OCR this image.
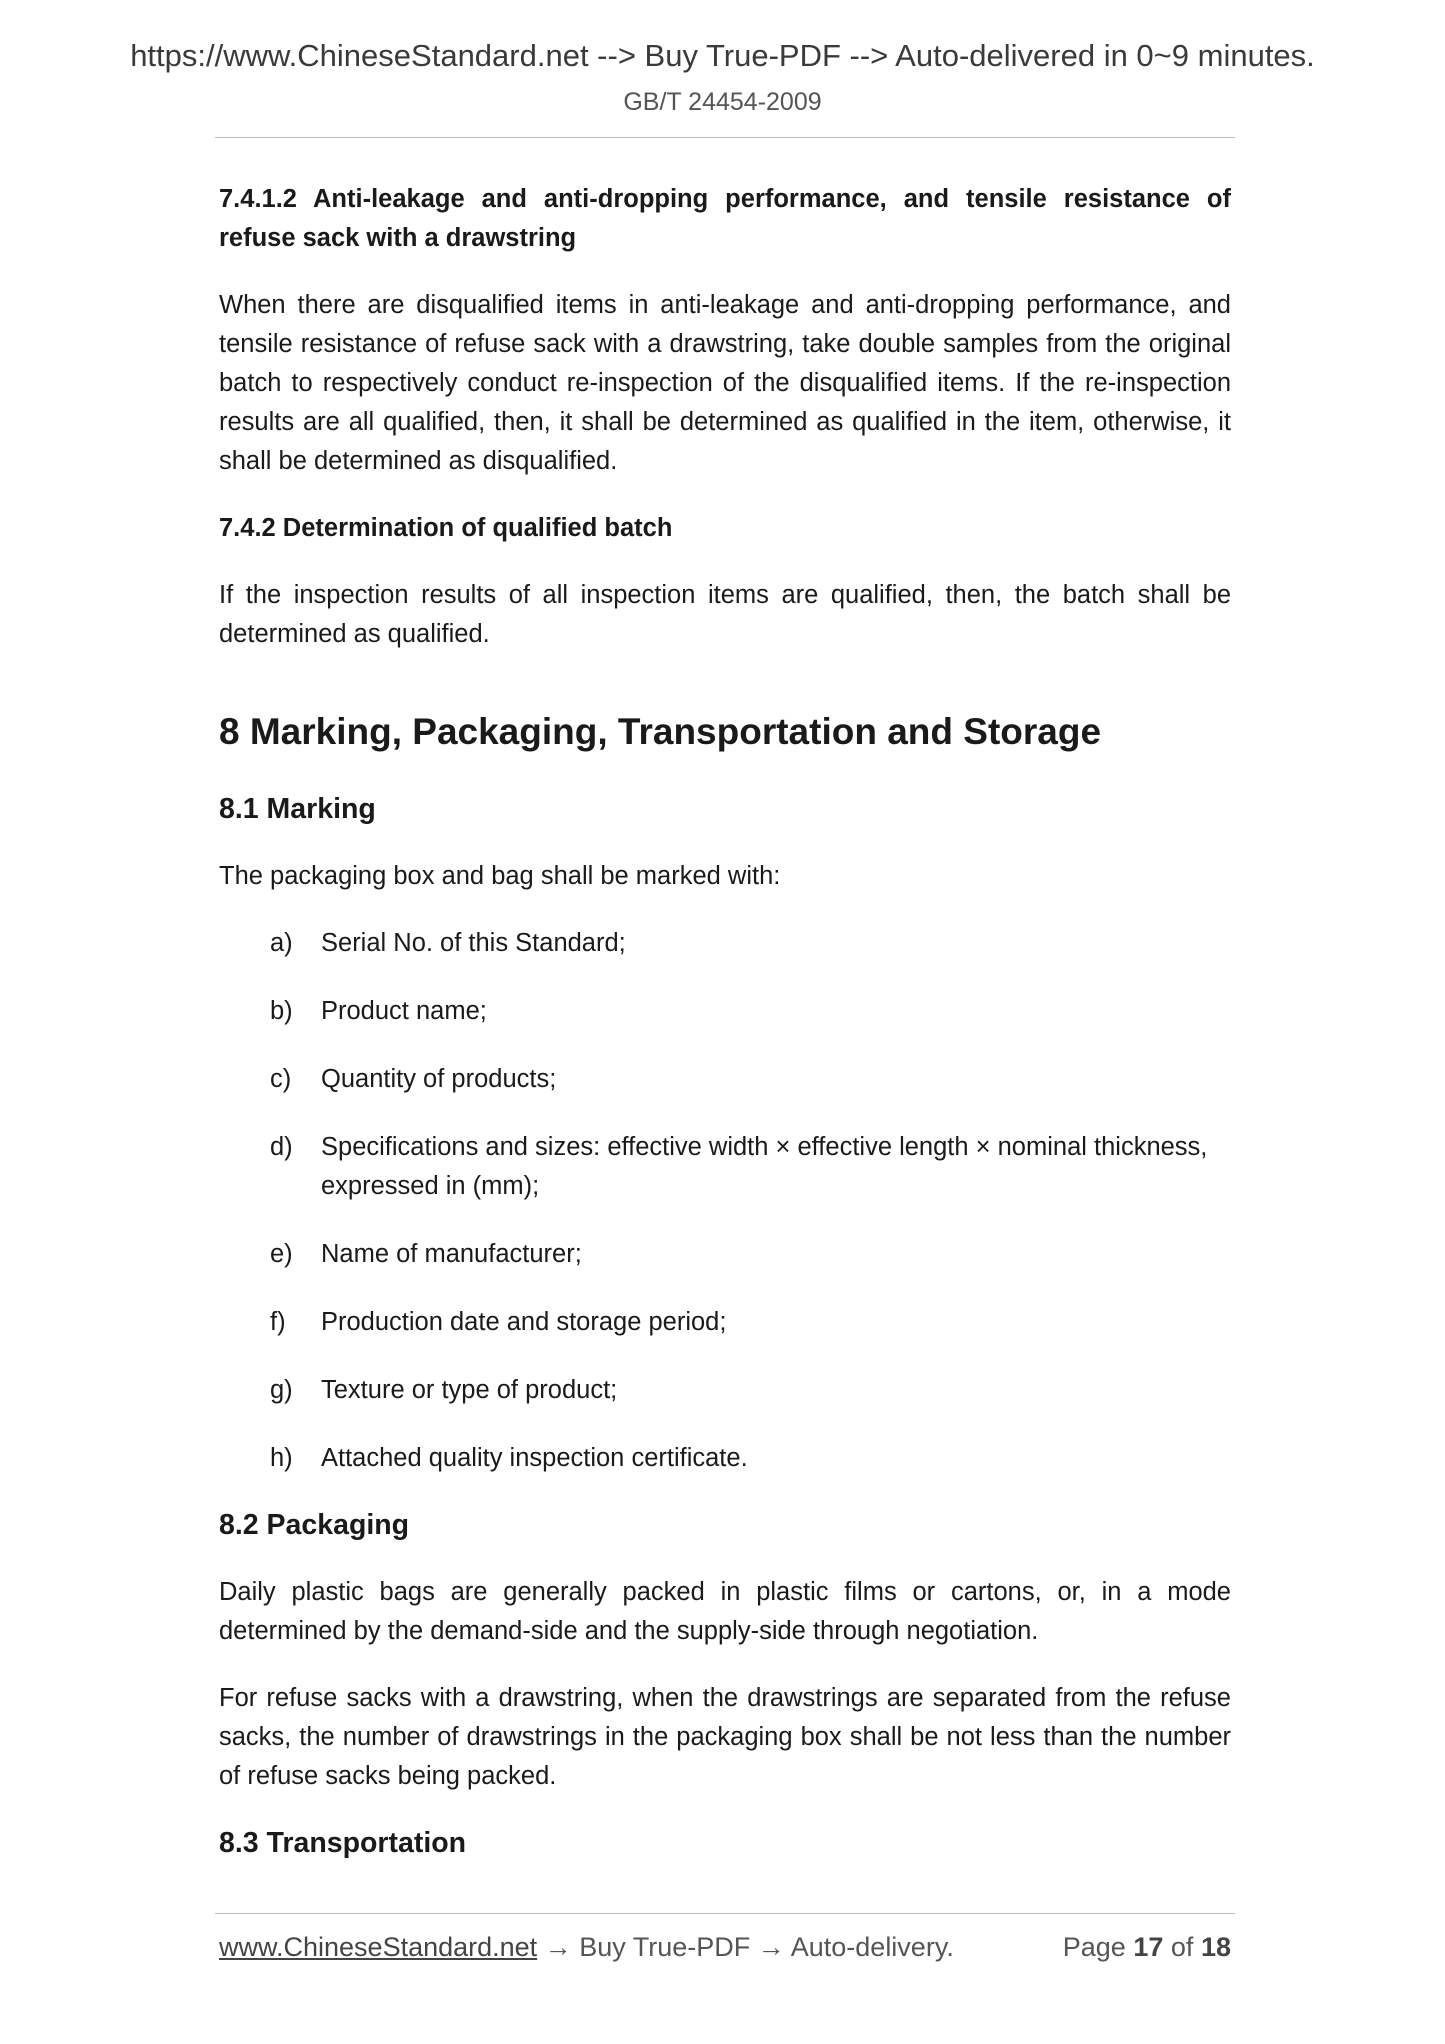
https://www.ChineseStandard.net --> Buy True-PDF --> Auto-delivered in 0~9 minutes.
GB/T 24454-2009
7.4.1.2 Anti-leakage and anti-dropping performance, and tensile resistance of refuse sack with a drawstring
When there are disqualified items in anti-leakage and anti-dropping performance, and tensile resistance of refuse sack with a drawstring, take double samples from the original batch to respectively conduct re-inspection of the disqualified items. If the re-inspection results are all qualified, then, it shall be determined as qualified in the item, otherwise, it shall be determined as disqualified.
7.4.2 Determination of qualified batch
If the inspection results of all inspection items are qualified, then, the batch shall be determined as qualified.
8 Marking, Packaging, Transportation and Storage
8.1 Marking
The packaging box and bag shall be marked with:
a)	Serial No. of this Standard;
b)	Product name;
c)	Quantity of products;
d)	Specifications and sizes: effective width × effective length × nominal thickness,
expressed in (mm);
e)	Name of manufacturer;
f)	Production date and storage period;
g)	Texture or type of product;
h)	Attached quality inspection certificate.
8.2 Packaging
Daily plastic bags are generally packed in plastic films or cartons, or, in a mode determined by the demand-side and the supply-side through negotiation.
For refuse sacks with a drawstring, when the drawstrings are separated from the refuse sacks, the number of drawstrings in the packaging box shall be not less than the number of refuse sacks being packed.
8.3 Transportation
www.ChineseStandard.net → Buy True-PDF → Auto-delivery.	Page 17 of 18
